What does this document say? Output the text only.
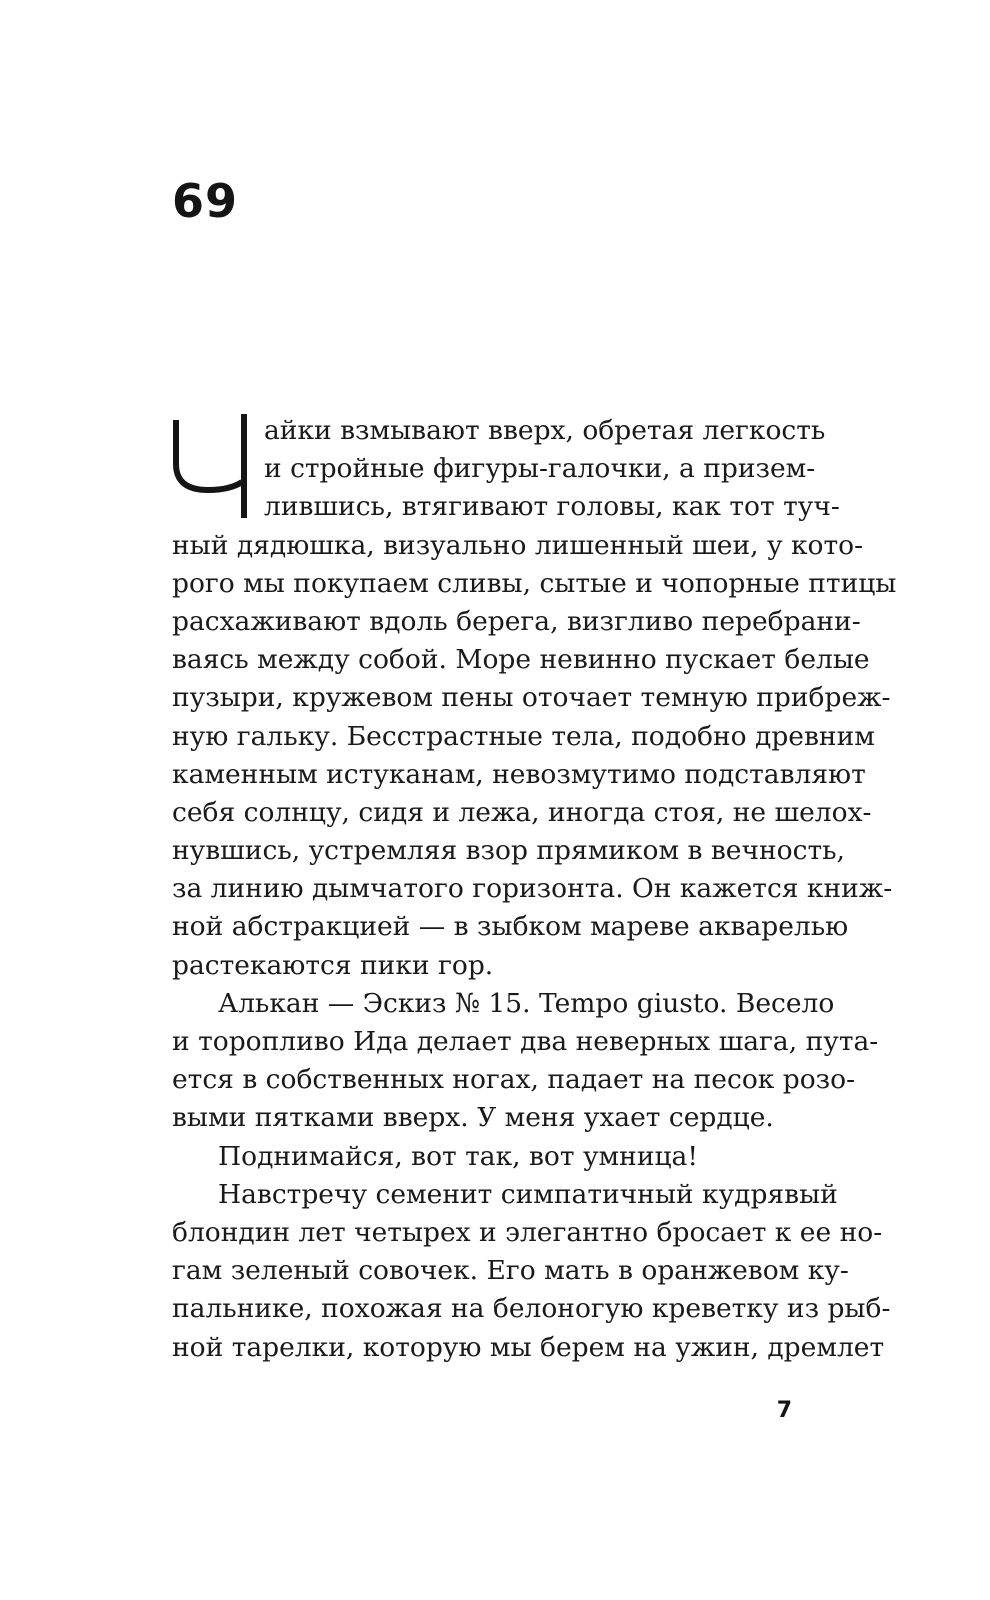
69
айки взмывают вверх, обретая легкость
и стройные фигуры-галочки, а призем-
лившись, втягивают головы, как тот туч-
ный дядюшка, визуально лишенный шеи, у кото-
рого мы покупаем сливы, сытые и чопорные птицы
расхаживают вдоль берега, визгливо перебрани-
ваясь между собой. Море невинно пускает белые
пузыри, кружевом пены оточает темную прибреж-
ную гальку. Бесстрастные тела, подобно древним
каменным истуканам, невозмутимо подставляют
себя солнцу, сидя и лежа, иногда стоя, не шелох-
нувшись, устремляя взор прямиком в вечность,
за линию дымчатого горизонта. Он кажется книж-
ной абстракцией — в зыбком мареве акварелью
растекаются пики гор.
Алькан — Эскиз № 15. Tempo giusto. Весело
и торопливо Ида делает два неверных шага, пута-
ется в собственных ногах, падает на песок розо-
выми пятками вверх. У меня ухает сердце.
Поднимайся, вот так, вот умница!
Навстречу семенит симпатичный кудрявый
блондин лет четырех и элегантно бросает к ее но-
гам зеленый совочек. Его мать в оранжевом ку-
пальнике, похожая на белоногую креветку из рыб-
ной тарелки, которую мы берем на ужин, дремлет
7
